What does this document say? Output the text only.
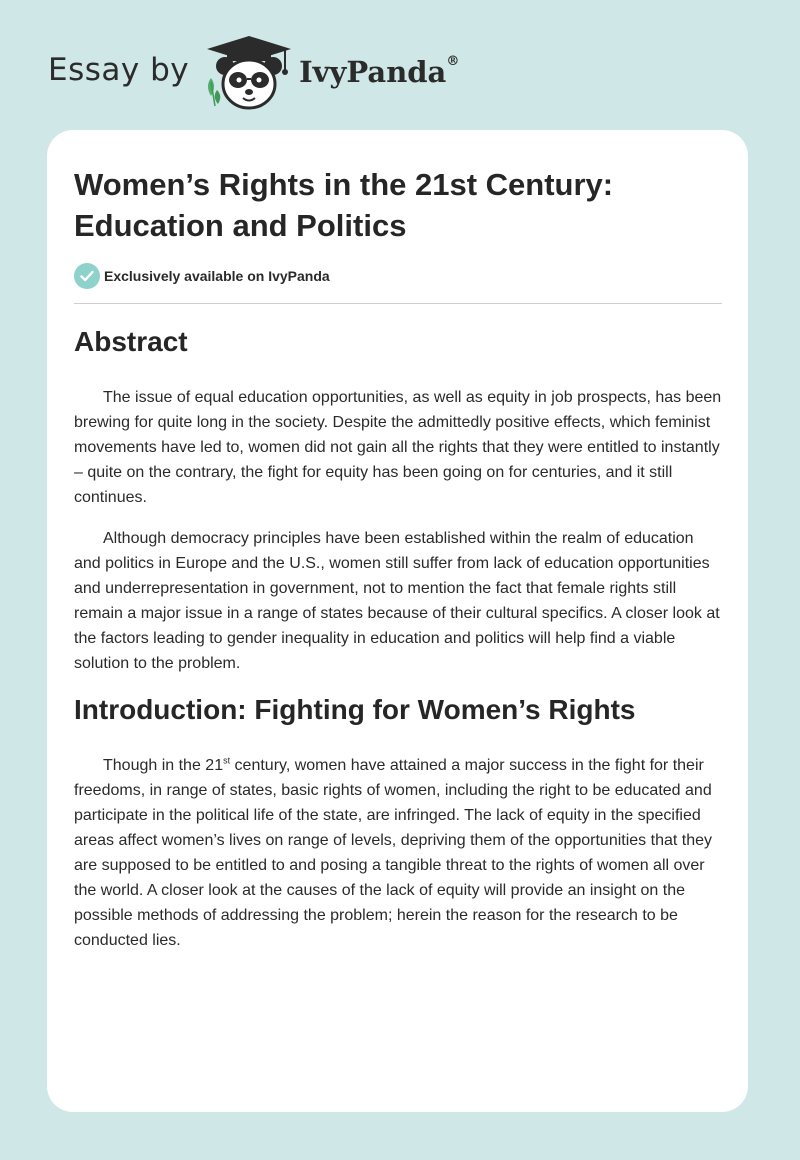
Essay by	IvyPanda®
Women’s Rights in the 21st Century: Education and Politics
Exclusively available on IvyPanda
Abstract

The issue of equal education opportunities, as well as equity in job prospects, has been brewing for quite long in the society. Despite the admittedly positive effects, which feminist movements have led to, women did not gain all the rights that they were entitled to instantly – quite on the contrary, the fight for equity has been going on for centuries, and it still continues.

Although democracy principles have been established within the realm of education and politics in Europe and the U.S., women still suffer from lack of education opportunities and underrepresentation in government, not to mention the fact that female rights still remain a major issue in a range of states because of their cultural specifics. A closer look at the factors leading to gender inequality in education and politics will help find a viable solution to the problem.

Introduction: Fighting for Women’s Rights

Though in the 21st century, women have attained a major success in the fight for their freedoms, in range of states, basic rights of women, including the right to be educated and participate in the political life of the state, are infringed. The lack of equity in the specified areas affect women’s lives on range of levels, depriving them of the opportunities that they are supposed to be entitled to and posing a tangible threat to the rights of women all over the world. A closer look at the causes of the lack of equity will provide an insight on the possible methods of addressing the problem; herein the reason for the research to be conducted lies.
